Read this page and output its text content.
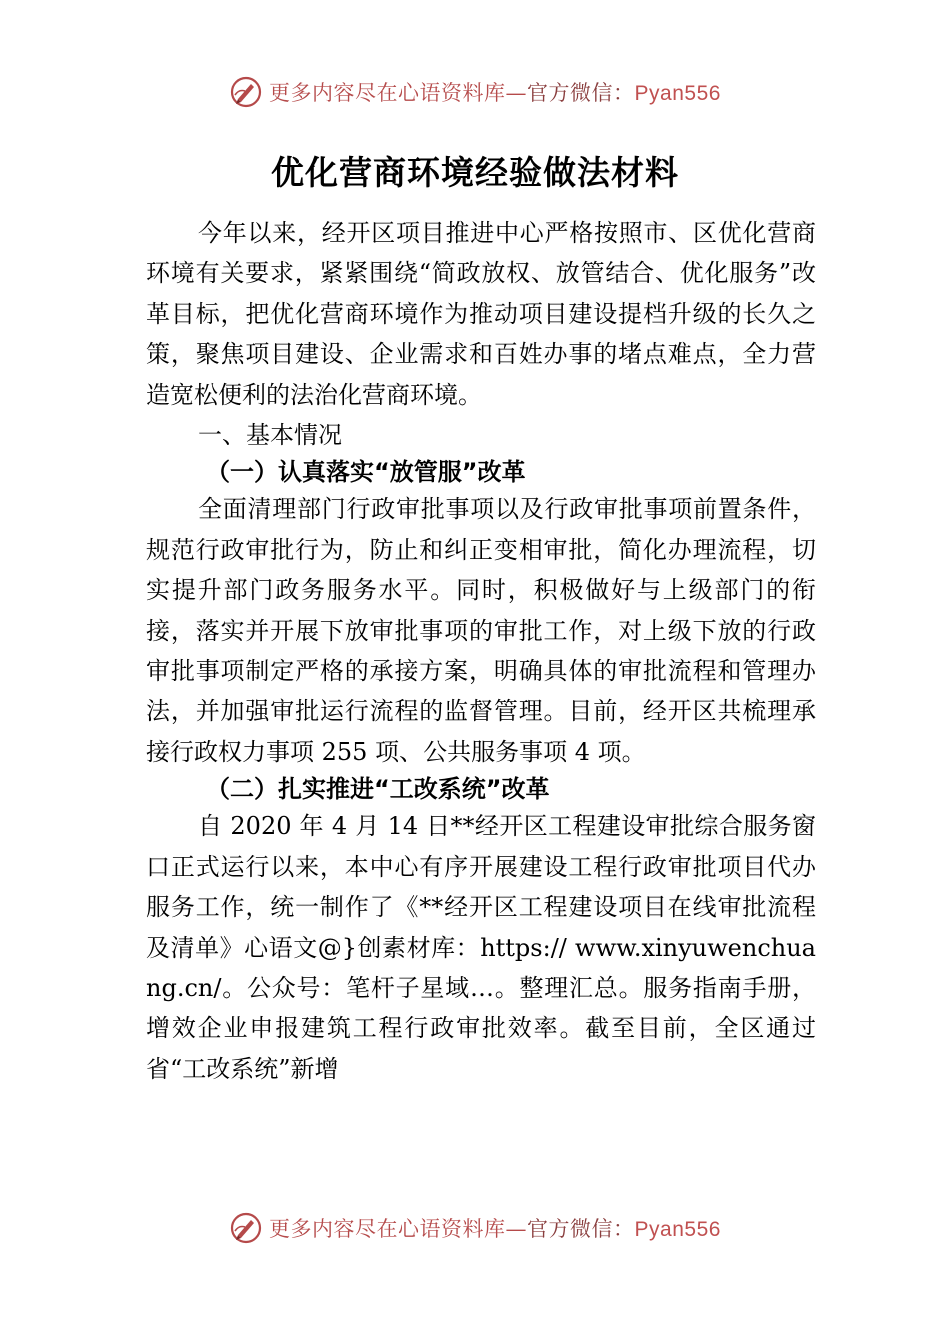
更多内容尽在心语资料库—官方微信：Pyan556
优化营商环境经验做法材料

今年以来，经开区项目推进中心严格按照市、区优化营商环境有关要求，紧紧围绕“简政放权、放管结合、优化服务”改革目标，把优化营商环境作为推动项目建设提档升级的长久之策，聚焦项目建设、企业需求和百姓办事的堵点难点，全力营造宽松便利的法治化营商环境。

一、基本情况

（一）认真落实“放管服”改革

全面清理部门行政审批事项以及行政审批事项前置条件，规范行政审批行为，防止和纠正变相审批，简化办理流程，切实提升部门政务服务水平。同时，积极做好与上级部门的衔接，落实并开展下放审批事项的审批工作，对上级下放的行政审批事项制定严格的承接方案，明确具体的审批流程和管理办法，并加强审批运行流程的监督管理。目前，经开区共梳理承接行政权力事项 255 项、公共服务事项 4 项。

（二）扎实推进“工改系统”改革

自 2020 年 4 月 14 日**经开区工程建设审批综合服务窗口正式运行以来，本中心有序开展建设工程行政审批项目代办服务工作，统一制作了《**经开区工程建设项目在线审批流程及清单》心语文@}创素材库：https:// www.xinyuwenchuang.cn/。公众号：笔杆子星域…。整理汇总。服务指南手册，增效企业申报建筑工程行政审批效率。截至目前，全区通过省“工改系统”新增

更多内容尽在心语资料库—官方微信：Pyan556
